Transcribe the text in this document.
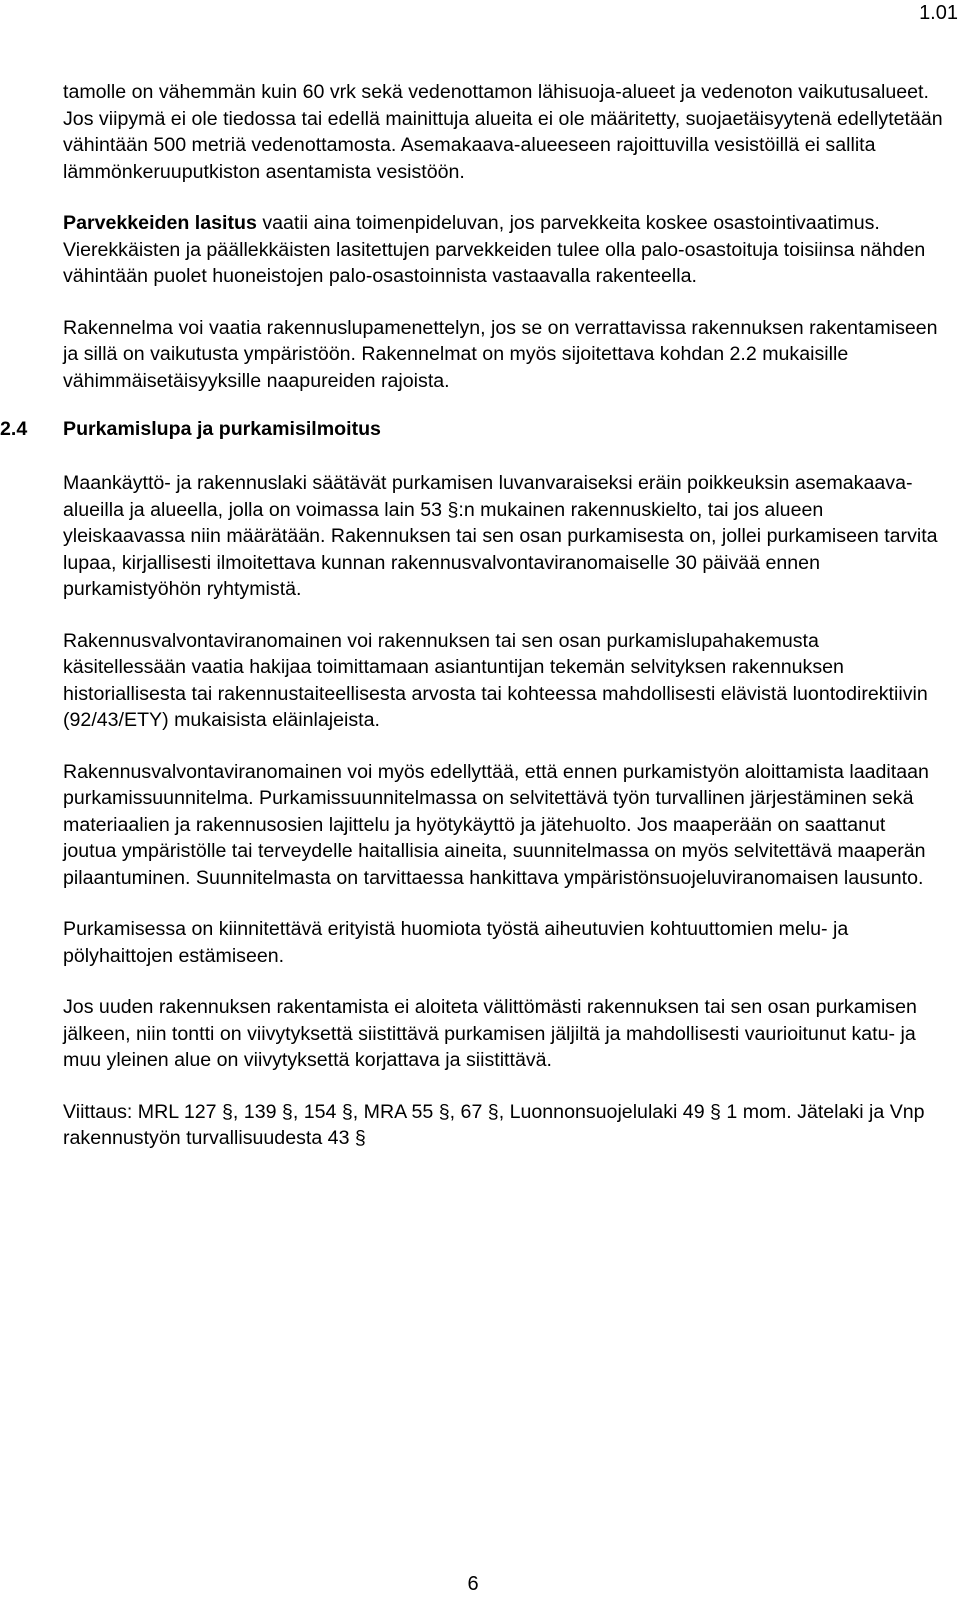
1.01

tamolle on vähemmän kuin 60 vrk sekä vedenottamon lähisuoja-alueet ja vedenoton vaikutusalueet. Jos viipymä ei ole tiedossa tai edellä mainittuja alueita ei ole määritetty, suojaetäisyytenä edellytetään vähintään 500 metriä vedenottamosta. Asemakaava-alueeseen rajoittuvilla vesistöillä ei sallita lämmönkeruuputkiston asentamista vesistöön.

Parvekkeiden lasitus vaatii aina toimenpideluvan, jos parvekkeita koskee osastointivaatimus. Vierekkäisten ja päällekkäisten lasitettujen parvekkeiden tulee olla palo-osastoituja toisiinsa nähden vähintään puolet huoneistojen palo-osastoinnista vastaavalla rakenteella.

Rakennelma voi vaatia rakennuslupamenettelyn, jos se on verrattavissa rakennuksen rakentamiseen ja sillä on vaikutusta ympäristöön. Rakennelmat on myös sijoitettava kohdan 2.2 mukaisille vähimmäisetäisyyksille naapureiden rajoista.

2.4	Purkamislupa ja purkamisilmoitus

Maankäyttö- ja rakennuslaki säätävät purkamisen luvanvaraiseksi eräin poikkeuksin asemakaava-alueilla ja alueella, jolla on voimassa lain 53 §:n mukainen rakennuskielto, tai jos alueen yleiskaavassa niin määrätään. Rakennuksen tai sen osan purkamisesta on, jollei purkamiseen tarvita lupaa, kirjallisesti ilmoitettava kunnan rakennusvalvontaviranomaiselle 30 päivää ennen purkamistyöhön ryhtymistä.

Rakennusvalvontaviranomainen voi rakennuksen tai sen osan purkamislupahakemusta käsitellessään vaatia hakijaa toimittamaan asiantuntijan tekemän selvityksen rakennuksen historiallisesta tai rakennustaiteellisesta arvosta tai kohteessa mahdollisesti elävistä luontodirektiivin (92/43/ETY) mukaisista eläinlajeista.

Rakennusvalvontaviranomainen voi myös edellyttää, että ennen purkamistyön aloittamista laaditaan purkamissuunnitelma. Purkamissuunnitelmassa on selvitettävä työn turvallinen järjestäminen sekä materiaalien ja rakennusosien lajittelu ja hyötykäyttö ja jätehuolto. Jos maaperään on saattanut joutua ympäristölle tai terveydelle haitallisia aineita, suunnitelmassa on myös selvitettävä maaperän pilaantuminen. Suunnitelmasta on tarvittaessa hankittava ympäristönsuojeluviranomaisen lausunto.

Purkamisessa on kiinnitettävä erityistä huomiota työstä aiheutuvien kohtuuttomien melu- ja pölyhaittojen estämiseen.

Jos uuden rakennuksen rakentamista ei aloiteta välittömästi rakennuksen tai sen osan purkamisen jälkeen, niin tontti on viivytyksettä siistittävä purkamisen jäljiltä ja mahdollisesti vaurioitunut katu- ja muu yleinen alue on viivytyksettä korjattava ja siistittävä.

Viittaus: MRL 127 §, 139 §, 154 §, MRA 55 §, 67 §, Luonnonsuojelulaki 49 § 1 mom. Jätelaki ja Vnp rakennustyön turvallisuudesta 43 §

6
